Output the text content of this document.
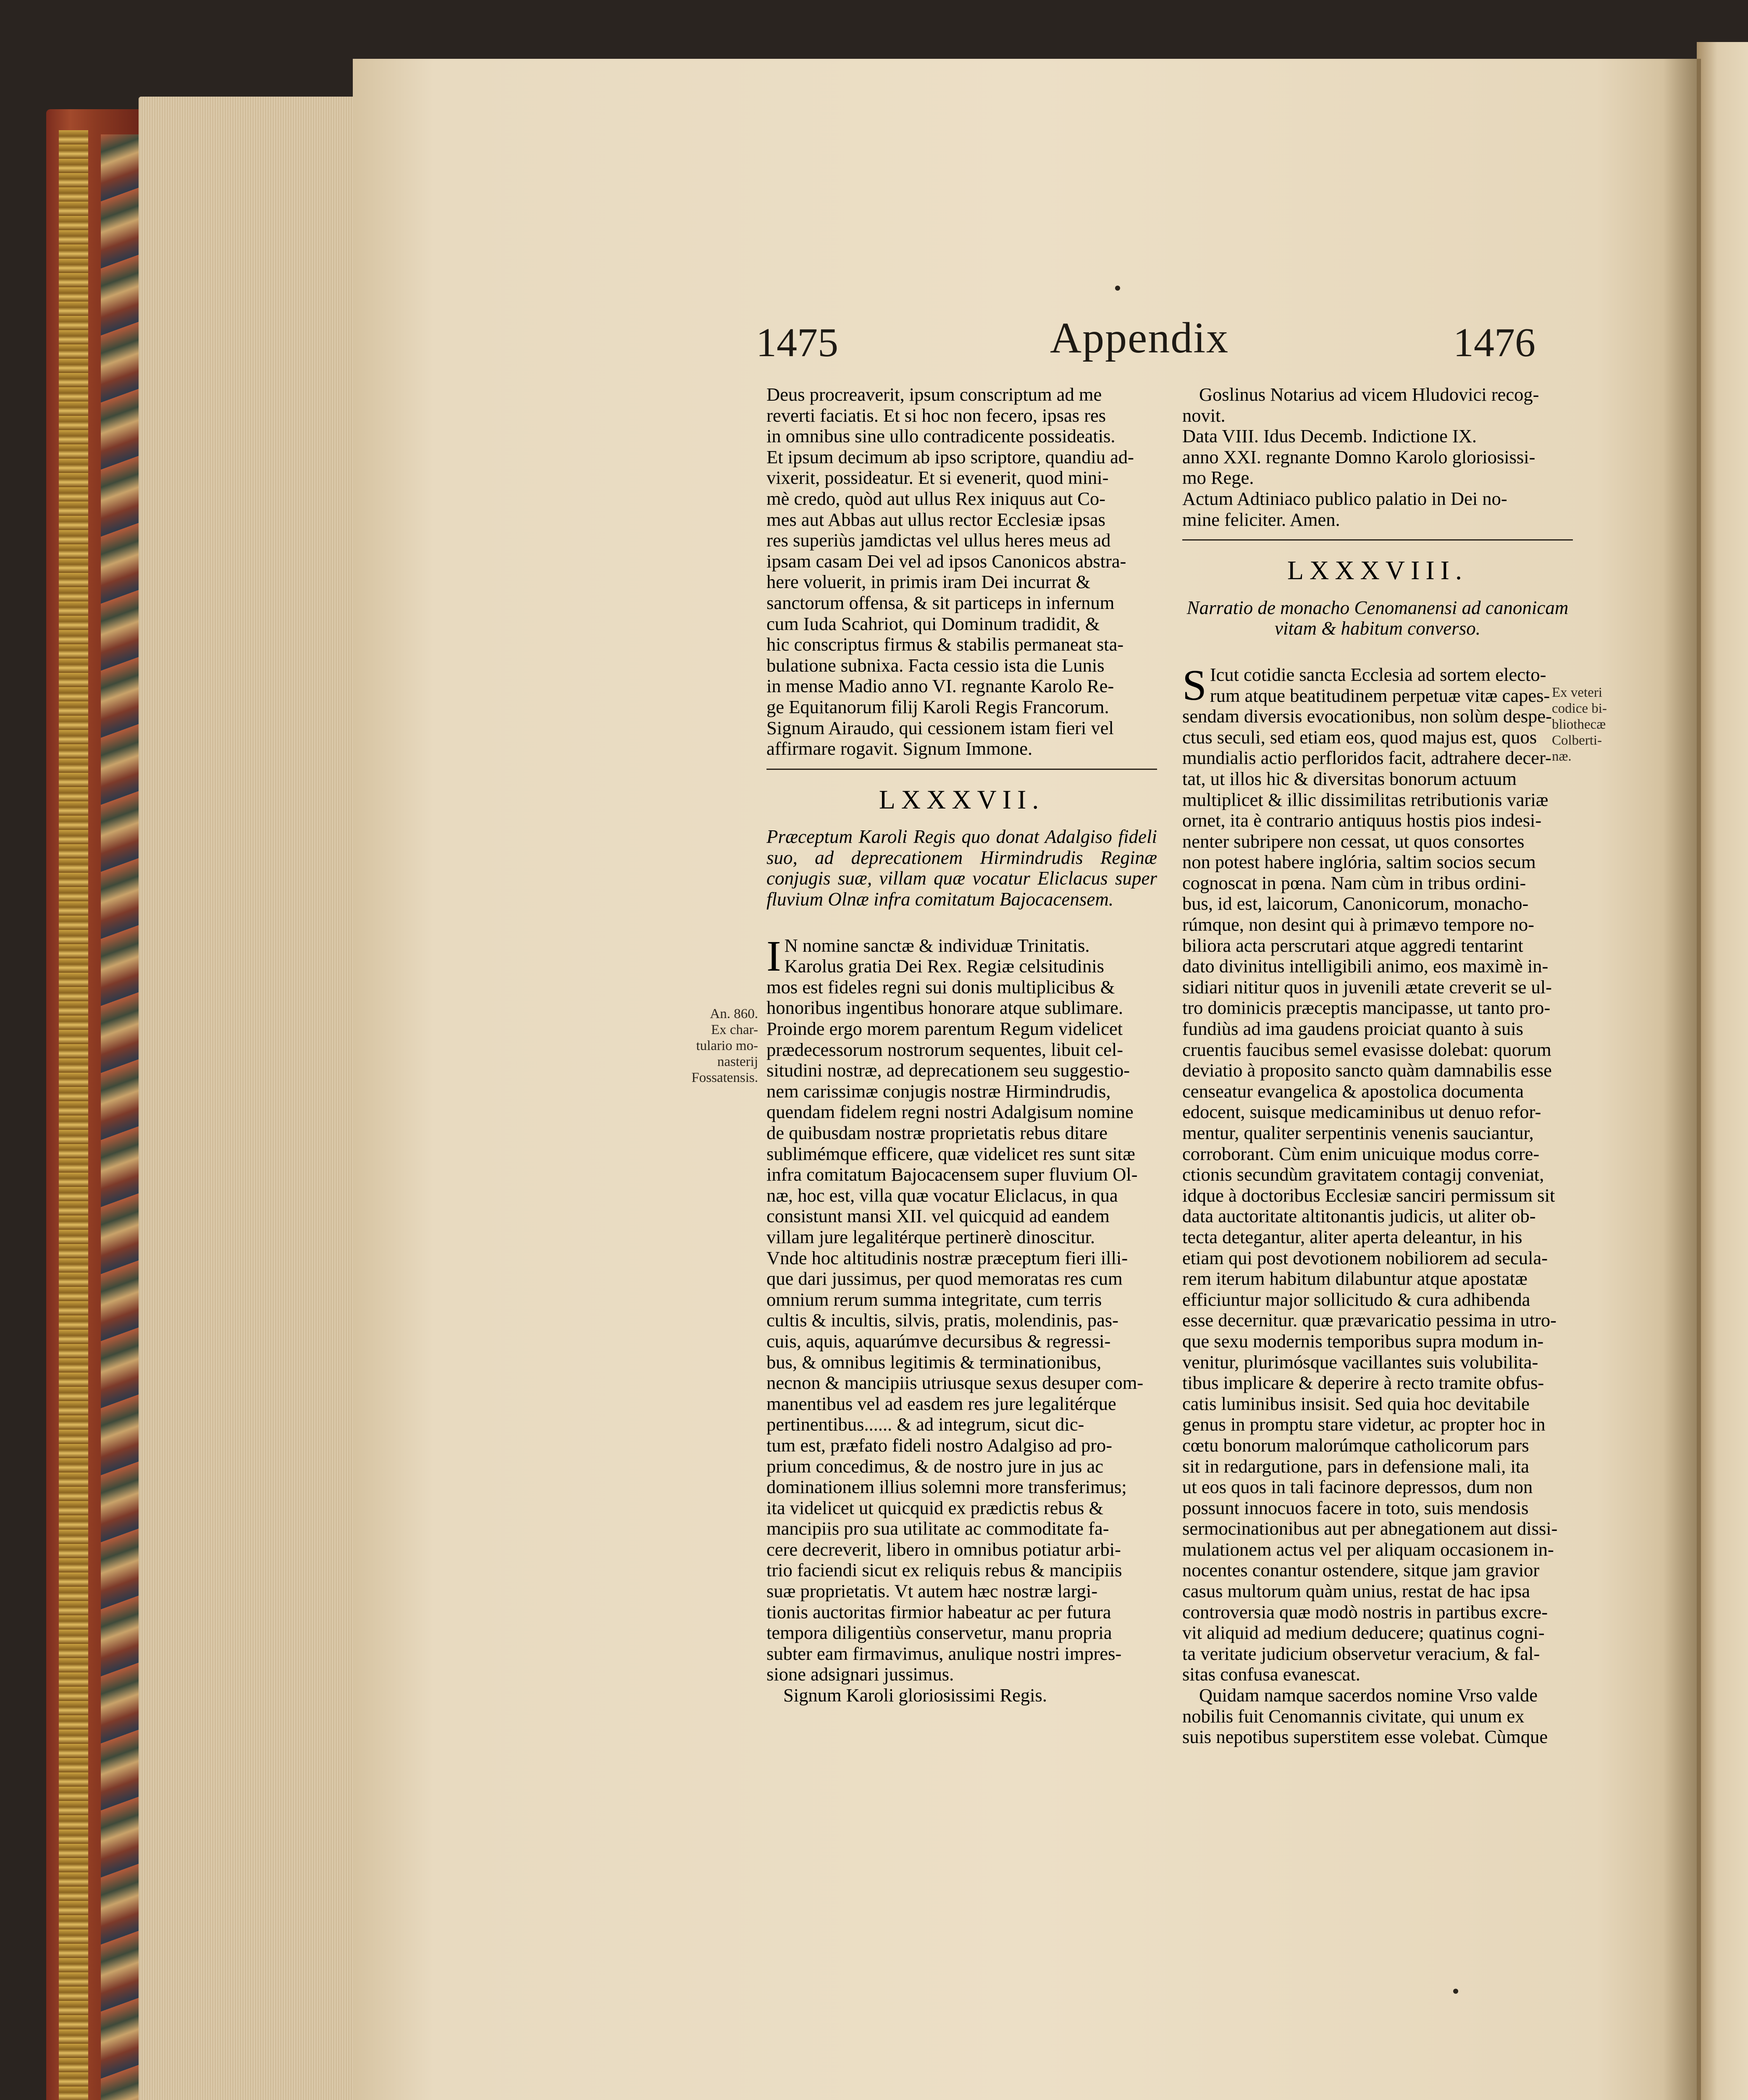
1475	Appendix	1476
An. 860.
Ex char-
tulario mo-
nasterij
Fossatensis.
Ex veteri
codice bi-
bliothecæ
Colberti-
næ.
Deus procreaverit, ipsum conscriptum ad me
reverti faciatis. Et si hoc non fecero, ipsas res
in omnibus sine ullo contradicente possideatis.
Et ipsum decimum ab ipso scriptore, quandiu ad-
vixerit, possideatur. Et si evenerit, quod mini-
mè credo, quòd aut ullus Rex iniquus aut Co-
mes aut Abbas aut ullus rector Ecclesiæ ipsas
res superiùs jamdictas vel ullus heres meus ad
ipsam casam Dei vel ad ipsos Canonicos abstra-
here voluerit, in primis iram Dei incurrat &
sanctorum offensa, & sit particeps in infernum
cum Iuda Scahriot, qui Dominum tradidit, &
hic conscriptus firmus & stabilis permaneat sta-
bulatione subnixa. Facta cessio ista die Lunis
in mense Madio anno VI. regnante Karolo Re-
ge Equitanorum filij Karoli Regis Francorum.
Signum Airaudo, qui cessionem istam fieri vel
affirmare rogavit. Signum Immone.
LXXXVII.
Præceptum Karoli Regis quo donat Adalgiso fideli suo, ad deprecationem Hirmindrudis Reginæ conjugis suæ, villam quæ vocatur Eliclacus super fluvium Olnæ infra comitatum Bajocacensem.
I N nomine sanctæ & individuæ Trinitatis.
Karolus gratia Dei Rex. Regiæ celsitudinis
mos est fideles regni sui donis multiplicibus &
honoribus ingentibus honorare atque sublimare.
Proinde ergo morem parentum Regum videlicet
prædecessorum nostrorum sequentes, libuit cel-
situdini nostræ, ad deprecationem seu suggestio-
nem carissimæ conjugis nostræ Hirmindrudis,
quendam fidelem regni nostri Adalgisum nomine
de quibusdam nostræ proprietatis rebus ditare
sublimémque efficere, quæ videlicet res sunt sitæ
infra comitatum Bajocacensem super fluvium Ol-
næ, hoc est, villa quæ vocatur Eliclacus, in qua
consistunt mansi XII. vel quicquid ad eandem
villam jure legalitérque pertinerè dinoscitur.
Vnde hoc altitudinis nostræ præceptum fieri illi-
que dari jussimus, per quod memoratas res cum
omnium rerum summa integritate, cum terris
cultis & incultis, silvis, pratis, molendinis, pas-
cuis, aquis, aquarúmve decursibus & regressi-
bus, & omnibus legitimis & terminationibus,
necnon & mancipiis utriusque sexus desuper com-
manentibus vel ad easdem res jure legalitérque
pertinentibus...... & ad integrum, sicut dic-
tum est, præfato fideli nostro Adalgiso ad pro-
prium concedimus, & de nostro jure in jus ac
dominationem illius solemni more transferimus;
ita videlicet ut quicquid ex prædictis rebus &
mancipiis pro sua utilitate ac commoditate fa-
cere decreverit, libero in omnibus potiatur arbi-
trio faciendi sicut ex reliquis rebus & mancipiis
suæ proprietatis. Vt autem hæc nostræ largi-
tionis auctoritas firmior habeatur ac per futura
tempora diligentiùs conservetur, manu propria
subter eam firmavimus, anulique nostri impres-
sione adsignari jussimus.

Signum Karoli gloriosissimi Regis.

Goslinus Notarius ad vicem Hludovici recog-
novit.
Data VIII. Idus Decemb. Indictione IX.
anno XXI. regnante Domno Karolo gloriosissi-
mo Rege.
Actum Adtiniaco publico palatio in Dei no-
mine feliciter. Amen.
LXXXVIII.
Narratio de monacho Cenomanensi ad canonicam vitam & habitum converso.
S Icut cotidie sancta Ecclesia ad sortem electo-
rum atque beatitudinem perpetuæ vitæ capes-
sendam diversis evocationibus, non solùm despe-
ctus seculi, sed etiam eos, quod majus est, quos
mundialis actio perfloridos facit, adtrahere decer-
tat, ut illos hic & diversitas bonorum actuum
multiplicet & illic dissimilitas retributionis variæ
ornet, ita è contrario antiquus hostis pios indesi-
nenter subripere non cessat, ut quos consortes
non potest habere inglória, saltim socios secum
cognoscat in pœna. Nam cùm in tribus ordini-
bus, id est, laicorum, Canonicorum, monacho-
rúmque, non desint qui à primævo tempore no-
biliora acta perscrutari atque aggredi tentarint
dato divinitus intelligibili animo, eos maximè in-
sidiari nititur quos in juvenili ætate creverit se ul-
tro dominicis præceptis mancipasse, ut tanto pro-
fundiùs ad ima gaudens proiciat quanto à suis
cruentis faucibus semel evasisse dolebat: quorum
deviatio à proposito sancto quàm damnabilis esse
censeatur evangelica & apostolica documenta
edocent, suisque medicaminibus ut denuo refor-
mentur, qualiter serpentinis venenis sauciantur,
corroborant. Cùm enim unicuique modus corre-
ctionis secundùm gravitatem contagij conveniat,
idque à doctoribus Ecclesiæ sanciri permissum sit
data auctoritate altitonantis judicis, ut aliter ob-
tecta detegantur, aliter aperta deleantur, in his
etiam qui post devotionem nobiliorem ad secula-
rem iterum habitum dilabuntur atque apostatæ
efficiuntur major sollicitudo & cura adhibenda
esse decernitur. quæ prævaricatio pessima in utro-
que sexu modernis temporibus supra modum in-
venitur, plurimósque vacillantes suis volubilita-
tibus implicare & deperire à recto tramite obfus-
catis luminibus insisit. Sed quia hoc devitabile
genus in promptu stare videtur, ac propter hoc in
cœtu bonorum malorúmque catholicorum pars
sit in redargutione, pars in defensione mali, ita
ut eos quos in tali facinore depressos, dum non
possunt innocuos facere in toto, suis mendosis
sermocinationibus aut per abnegationem aut dissi-
mulationem actus vel per aliquam occasionem in-
nocentes conantur ostendere, sitque jam gravior
casus multorum quàm unius, restat de hac ipsa
controversia quæ modò nostris in partibus excre-
vit aliquid ad medium deducere; quatinus cogni-
ta veritate judicium observetur veracium, & fal-
sitas confusa evanescat.
Quidam namque sacerdos nomine Vrso valde
nobilis fuit Cenomannis civitate, qui unum ex
suis nepotibus superstitem esse volebat. Cùmque
